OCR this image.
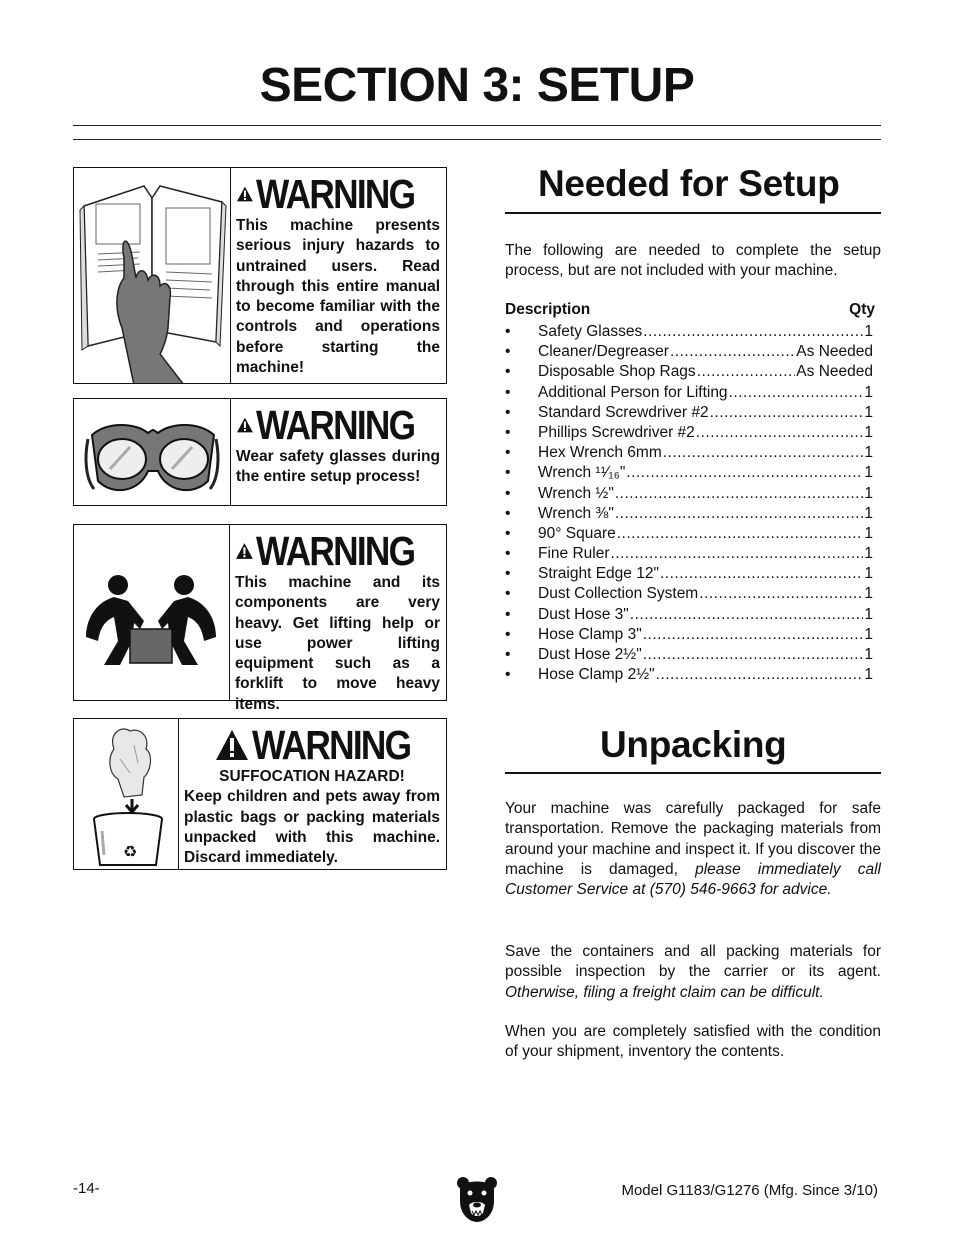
SECTION 3: SETUP
WARNING
This machine presents serious injury hazards to untrained users. Read through this entire manual to become familiar with the controls and operations before starting the machine!
WARNING
Wear safety glasses during the entire setup process!
WARNING
This machine and its components are very heavy. Get lifting help or use power lifting equipment such as a forklift to move heavy items.
♻
WARNING
SUFFOCATION HAZARD!
Keep children and pets away from plastic bags or packing materials unpacked with this machine. Discard immediately.
Needed for Setup
The following are needed to complete the setup process, but are not included with your machine.
Description	Qty
•	Safety Glasses .....	1
•	Cleaner/Degreaser .....	As Needed
•	Disposable Shop Rags .....	As Needed
•	Additional Person for Lifting .....	1
•	Standard Screwdriver #2 .....	1
•	Phillips Screwdriver #2 .....	1
•	Hex Wrench 6mm .....	1
•	Wrench ¹¹⁄₁₆" .....	1
•	Wrench ½" .....	1
•	Wrench ⅜" .....	1
•	90° Square .....	1
•	Fine Ruler .....	1
•	Straight Edge 12" .....	1
•	Dust Collection System .....	1
•	Dust Hose 3" .....	1
•	Hose Clamp 3" .....	1
•	Dust Hose 2½" .....	1
•	Hose Clamp 2½" .....	1
Unpacking
Your machine was carefully packaged for safe transportation. Remove the packaging materials from around your machine and inspect it. If you discover the machine is damaged, please immediately call Customer Service at (570) 546-9663 for advice.
Save the containers and all packing materials for possible inspection by the carrier or its agent. Otherwise, filing a freight claim can be difficult.
When you are completely satisfied with the condition of your shipment, inventory the contents.
-14-	Model G1183/G1276 (Mfg. Since 3/10)
